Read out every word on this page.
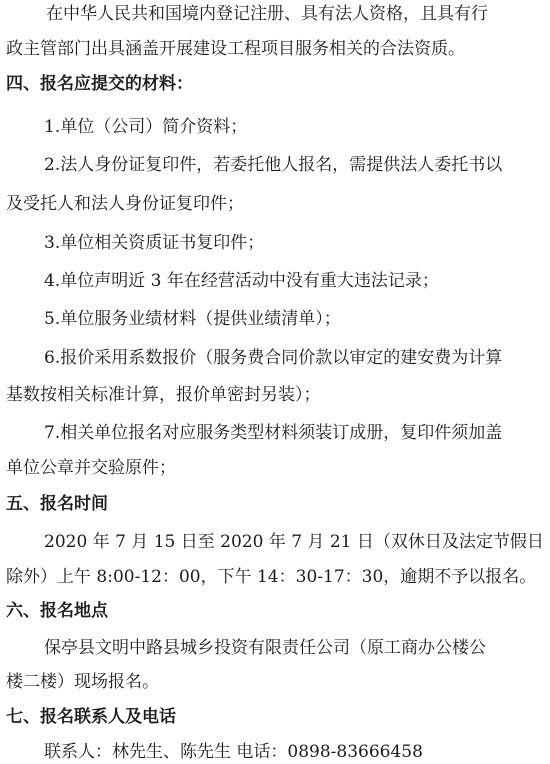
在中华人民共和国境内登记注册、具有法人资格，且具有行
政主管部门出具涵盖开展建设工程项目服务相关的合法资质。
四、报名应提交的材料：
1.单位（公司）简介资料；
2.法人身份证复印件，若委托他人报名，需提供法人委托书以
及受托人和法人身份证复印件；
3.单位相关资质证书复印件；
4.单位声明近 3 年在经营活动中没有重大违法记录；
5.单位服务业绩材料（提供业绩清单）；
6.报价采用系数报价（服务费合同价款以审定的建安费为计算
基数按相关标准计算，报价单密封另装）；
7.相关单位报名对应服务类型材料须装订成册，复印件须加盖
单位公章并交验原件；
五、报名时间
2020 年 7 月 15 日至 2020 年 7 月 21 日（双休日及法定节假日
除外）上午 8:00-12：00，下午 14：30-17：30，逾期不予以报名。
六、报名地点
保亭县文明中路县城乡投资有限责任公司（原工商办公楼公
楼二楼）现场报名。
七、报名联系人及电话
联系人：林先生、陈先生 电话：0898-83666458
